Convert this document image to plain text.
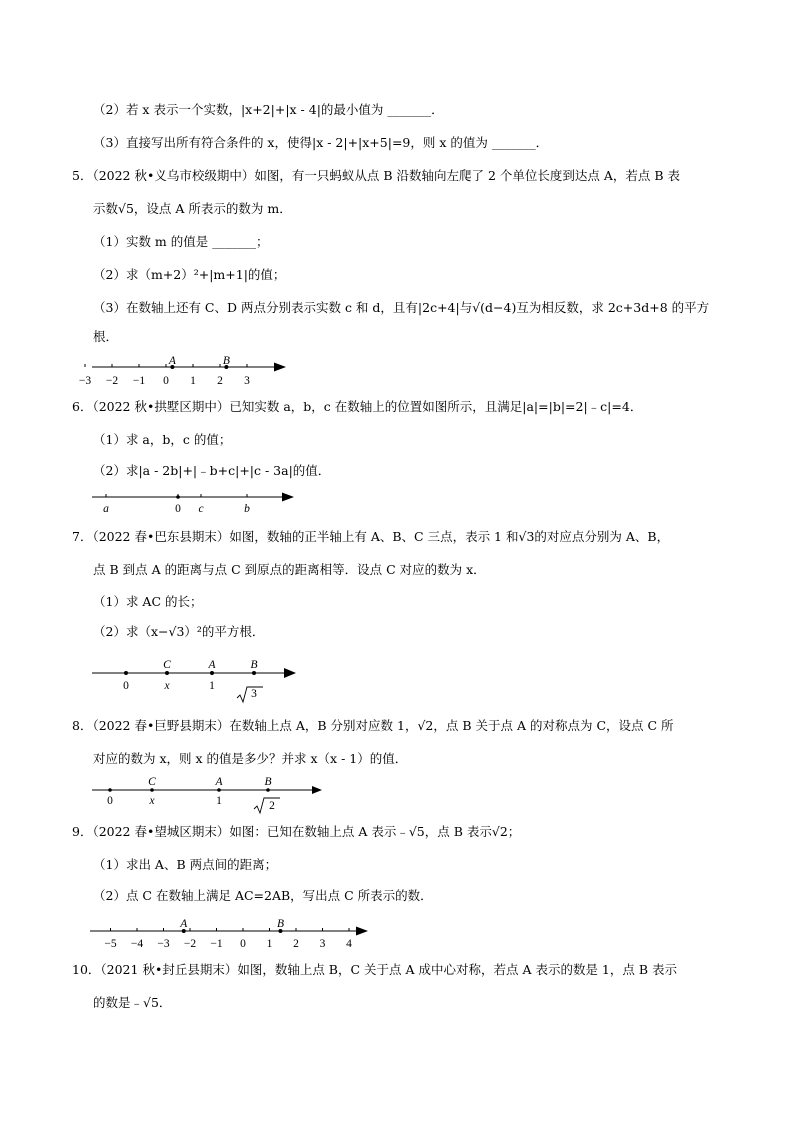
（2）若 x 表示一个实数，|x+2|+|x - 4|的最小值为 _______．
（3）直接写出所有符合条件的 x，使得|x - 2|+|x+5|=9，则 x 的值为 _______．
5．（2022 秋•义乌市校级期中）如图，有一只蚂蚁从点 B 沿数轴向左爬了 2 个单位长度到达点 A，若点 B 表
示数√5，设点 A 所表示的数为 m．
（1）实数 m 的值是 _______；
（2）求（m+2）²+|m+1|的值；
（3）在数轴上还有 C、D 两点分别表示实数 c 和 d，且有|2c+4|与√(d−4)互为相反数，求 2c+3d+8 的平方
根．
−3 −2 −1 0 1 2 3
A	B
6．（2022 秋•拱墅区期中）已知实数 a，b，c 在数轴上的位置如图所示，且满足|a|=|b|=2|﹣c|=4．
（1）求 a，b，c 的值；
（2）求|a - 2b|+|﹣b+c|+|c - 3a|的值．
a	0 c	b
7．（2022 春•巴东县期末）如图，数轴的正半轴上有 A、B、C 三点，表示 1 和√3的对应点分别为 A、B，
点 B 到点 A 的距离与点 C 到原点的距离相等．设点 C 对应的数为 x．
（1）求 AC 的长；
（2）求（x−√3）²的平方根．
0	x	1
3
C	A	B
8．（2022 春•巨野县期末）在数轴上点 A，B 分别对应数 1，√2，点 B 关于点 A 的对称点为 C，设点 C 所
对应的数为 x，则 x 的值是多少？并求 x（x - 1）的值．
0	x	1	2
C	A	B
9．（2022 春•望城区期末）如图：已知在数轴上点 A 表示﹣√5，点 B 表示√2；
（1）求出 A、B 两点间的距离；
（2）点 C 在数轴上满足 AC=2AB，写出点 C 所表示的数．
−5 −4 −3 −2 −1 0 1 2 3 4
A	B
10．（2021 秋•封丘县期末）如图，数轴上点 B，C 关于点 A 成中心对称，若点 A 表示的数是 1，点 B 表示
的数是﹣√5．
